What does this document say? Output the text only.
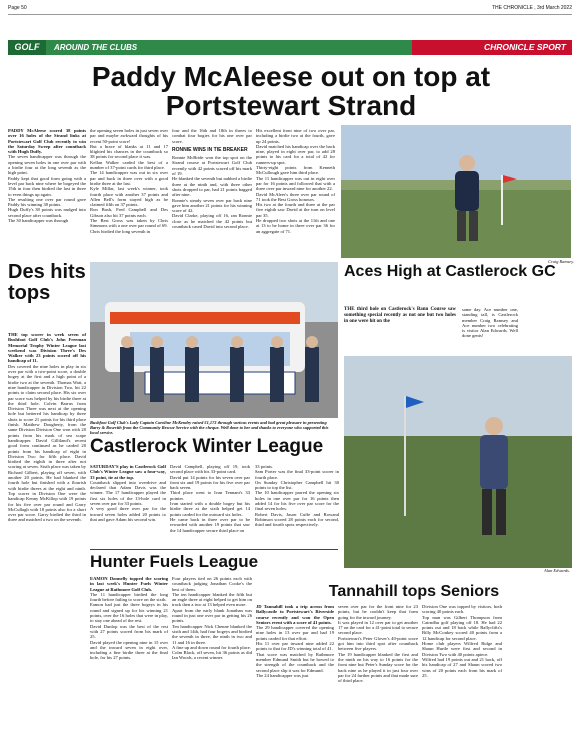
Page 50	THE CHRONICLE , 3rd March 2022
GOLF	AROUND THE CLUBS	CHRONICLE SPORT
Paddy McAleese out on top at Portstewart Strand
PADDY McAleese scored 38 points over 16 holes of the Strand links at Portstewart Golf Club recently to win the Saturday Sweep after countback with Hugh Duffy.
The seven handicapper was through the opening seven holes in one over par with a birdie four at the long seventh as the high point.
Paddy kept that good form going with a level par back nine where he bogeyed the 15th in four then birdied the last in three to even things up again.
The resulting one over par round gave Paddy his winning 38 points.
Hugh Duffy's 38 points was nudged into second place after countback.
The 30 handicapper was through
the opening seven holes in just seven over par and maybe awkward thoughts of his recent 50-point score!
But a brace of blanks at 11 and 17 blighted his chances in the countback so 38 points for second place it was.
Kellan Walker carded the best of a number of 37-point cards for third place.
The 14 handicapper was out in six over par and back in three over with a good birdie three at the last.
Kyle Millar, last week's winner, took fourth place with another 37 points and Allen Bell's form stayed high as he claimed fifth on 37 points.
Ron Bush, Fred Campbell and Des Gibson also hit 37 points each.
The Best Gross was taken by Chris Simmons with a one over par round of 69.
Chris birdied the long seventh in
four and the 16th and 18th in threes to combat four bogies for his one over par score.
RONNIE WINS IN TIE BREAKER
Ronnie McBride won the top spot on the Strand course at Portstewart Golf Club recently with 42 points scored off his mark of 19.
He blanked the seventh but nabbed a birdie three at the ninth and, with three other shots dropped to par, had 21 points bagged after nine.
Ronnie's steady seven over par back nine gave him another 21 points for his winning score of 42.
David Clarke, playing off 16, ran Ronnie close as he matched the 42 points but countback cased David into second place.
His excellent front nine of two over par, including a birdie two at the fourth, gave up 24 points.
David matched his handicap over the back nine, played in eight over par, to add 28 points to his card for a total of 42 for runners-up spot.
Thirty-eight points from Kenneth McCullough gave him third place.
The 11 handicapper was out in eight over par for 16 points and followed that with a three over par inward nine for another 22.
David McAleer's three over par round of 71 took the Best Gross honours.
His two at the fourth and three at the par five eighth saw David at the turn on level par 35.
He dropped two shots at the 11th and one at 13 to be home in three over par 36 for an aggregate of 71.
Craig Ramsey.
Des hits tops
THE top scorer in week seven of Bushfoot Golf Club's John Freeman Memorial Trophy Winter League last weekend was Division Three's Des Walker with 23 points scored off his handicap of 11.
Des covered the nine holes in play in six over par with a two-point score, a double bogey at the first and a high point of a birdie two at the seventh. Thomas Watt, a nine handicapper in Division Two, hit 22 points to claim second place. His six over par score was helped by his birdie three at the third hole. Colvin Barrus from Division Three was next at the opening hole but bettered his handicap by three shots to score 21 points for his third place finish. Matthew Dougherty, from the same Division Division One won with 20 points from his mark of sea scape handicapper. David Gilliland's recent good form continued as he carded 20 points from his handicap of eight in Division Two for fifth place. David birdied the eighth in three after not scoring at seven. Sixth place was taken by Richard Gilbert, playing off seven, with another 20 points. He had blanked the fourth hole but finished with a flourish with birdie threes at the eight and ninth. Top scorer in Division One were the handicap Kenny McKillop with 19 points for his five over par round and Garry McCullagh with 18 points also for a short over par score. Garry birdied the third in three and matched a two on the seventh.
Bushfoot Golf Club's Lady Captain Caroline McKendry raised £1,173 through various events and had great pleasure in presenting Barry & Rosevith from the Community Rescue Service with the cheque. Well done to her and thanks to everyone who supported this local service.
Aces High at Castlerock GC
THE third hole on Castlerock's Bann Course saw something special recently as not one but two holes in one were hit on the
same day. Ace number one, standing tall, is Castlerock member Craig Ramsey and Ace number two celebrating is visitor Alan Edwards. Well done gents!
Alan Edwards.
Castlerock Winter League
SATURDAY'S play in Castlerock Golf Club's Winter League saw a four-way, 33 point, tie at the top.
Countback slipped into overdrive and declared that Adam Davis was the winner. The 17 handicapper played the first six holes of the 13-hole card in seven over par for 33 points.
A very good three over par for the inward seven holes added 20 points to that and gave Adam his second win.
David Campbell, playing off 19, took second place with his 33-point card.
David put 14 points for his seven over par front six and 19 points for his five over par back seven.
Third place went to Ivan Tennant's 33 pointer.
Ivan started with a double bogey but his birdie three at the sixth helped get 14 points carded for the outward six holes.
He came back in three over par to be rewarded with another 19 points that saw the 14 handicapper secure third place on
33 points.
Sam Porter was the final 33-point scorer in fourth place.
On Sunday Christopher Campbell hit 30 points to top the list.
The 10 handicapper parred the opening six holes in one over par for 16 points then added 14 for his five over par score for the final seven holes.
Robert Davis, Jason Cuffe and Rowand Robinson scored 28 points each for second, third and fourth spots respectively.
Hunter Fuels League
EAMON Donnelly topped the scoring in last week's Hunter Fuels Winter League at Rathmore Golf Club.
The 11 handicapper birdied the long fourth before failing to score on the sixth.
Eamon had just the three bogeys in his round and signed up for his winning 21 points, over the 16 holes that were in play, to stay one ahead of the rest.
David Dunlop was the best of the rest with 27 points scored from his mark of 25.
David played the opening nine in 15 over and the inward seven in eight over, including a fine birdie three at the final hole, for his 27 points.
Four players tied on 26 points each with countback judging Jonathan Cooke's the best of them.
The ten handicapper blanked the fifth but an eagle three at eight helped to get him on track then a two at 13 helped even more.
Apart from the early blank Jonathan was round in just one over par in getting his 26 points.
Ten handicapper Nick Chenne blanked the sixth and 14th, had four bogeys and birdied the seventh in three, the ninth in two and 11 and 16 in three.
A fine up and down round for fourth place.
Colm Black, off seven, hit 36 points as did Ian Woods, a recent winner.
Tannahill tops Seniors
JD Tannahill took a trip across from Ballycastle to Portstewart's Riverside course recently and won the Open Seniors event with a score of 41 points.
The 29 handicapper covered the opening nine holes in 13 over par and had 19 points carded for that effort.
His 11 over par inward nine added 22 points to that for JD's winning total of 41.
That score was matched by Rathmore member Edmund Smith but he bowed to the strength of the countback and the second place slip it was for Edmund.
The 24 handicapper was just
seven over par for the front nine for 23 points, but he couldn't keep that form going for the inward journey.
It was played in 12 over par to get another 17 on the card for a 41-point total to secure second place.
Portstewart's Peter Glover's 40-point score got him into third spot after countback between five players.
The 19 handicapper blanked the first and the ninth on his way to 16 points for the front nine but Peter's Sunday score for the back nine as he played it in just four over par for 24 further points and that made sure of third place.
Division One was topped by visitors, both scoring 40 points each.
Top man was Gilbert Thompson from Cairndhu golf playing off 18. He had 22 points out and 18 back while Ballyclifts's Billy McConkey scored 40 points from a 12 handicap for second place.
Home club players Wilfred Ridge and Shaun Hurtle were first and second in Division Two with 40 points apiece.
Wilfred had 19 points out and 21 back, off his handicap of 27 and Shaun scored two wins of 20 points each from his mark of 25.
